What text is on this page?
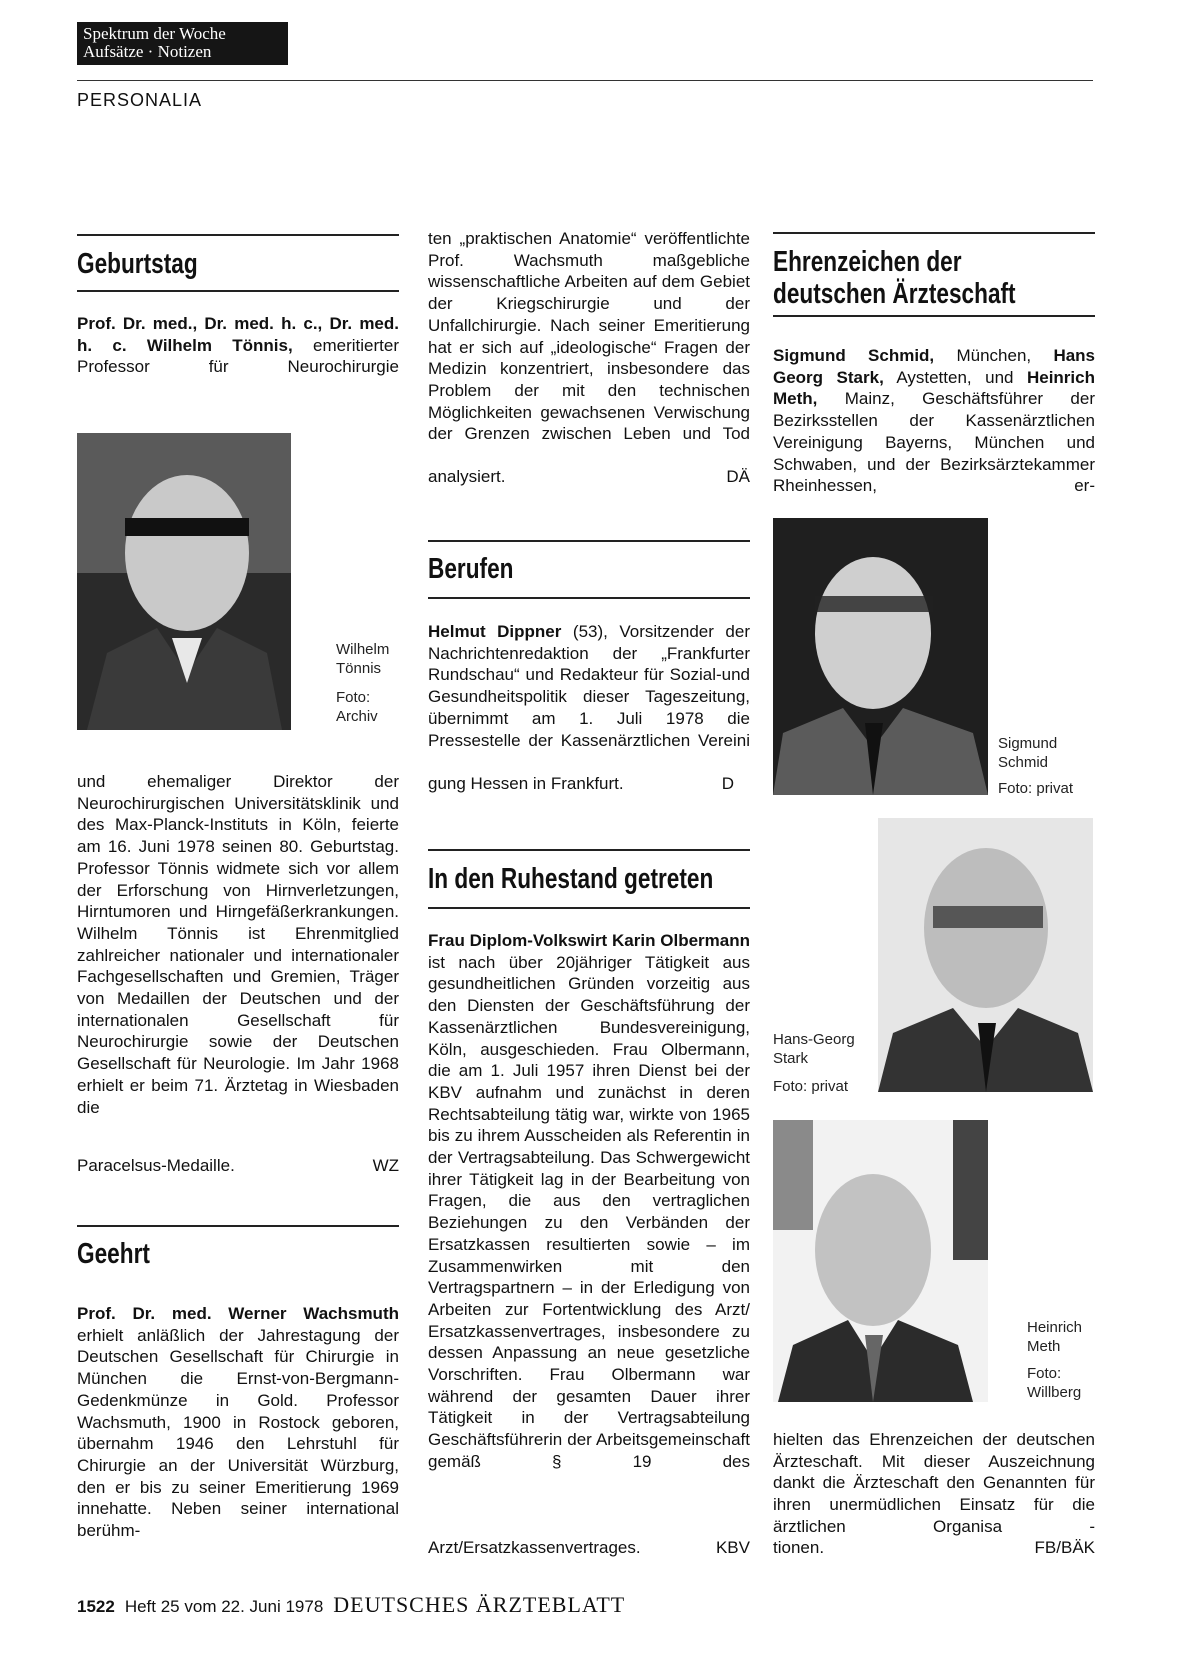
Spektrum der Woche
Aufsätze · Notizen
PERSONALIA
Geburtstag
Prof. Dr. med., Dr. med. h. c., Dr. med. h. c. Wilhelm Tönnis, emeritierter Professor für Neurochirurgie
Wilhelm
Tönnis
Foto:
Archiv
und ehemaliger Direktor der Neurochirurgischen Universitätsklinik und des Max-Planck-Instituts in Köln, feierte am 16. Juni 1978 seinen 80. Geburtstag. Professor Tönnis widmete sich vor allem der Erforschung von Hirnverletzungen, Hirntumoren und Hirngefäßerkrankungen. Wilhelm Tönnis ist Ehrenmitglied zahlreicher nationaler und internationaler Fachgesellschaften und Gremien, Träger von Medaillen der Deutschen und der internationalen Gesellschaft für Neurochirurgie sowie der Deutschen Gesellschaft für Neurologie. Im Jahr 1968 erhielt er beim 71. Ärztetag in Wiesbaden die
Paracelsus-Medaille.	WZ
Geehrt
Prof. Dr. med. Werner Wachsmuth erhielt anläßlich der Jahrestagung der Deutschen Gesellschaft für Chirurgie in München die Ernst-von-Bergmann-Gedenkmünze in Gold. Professor Wachsmuth, 1900 in Rostock geboren, übernahm 1946 den Lehrstuhl für Chirurgie an der Universität Würzburg, den er bis zu seiner Emeritierung 1969 innehatte. Neben seiner international berühm-
ten „praktischen Anatomie“ veröffentlichte Prof. Wachsmuth maßgebliche wissenschaftliche Arbeiten auf dem Gebiet der Kriegschirurgie und der Unfallchirurgie. Nach seiner Emeritierung hat er sich auf „ideologische“ Fragen der Medizin konzentriert, insbesondere das Problem der mit den technischen Möglichkeiten gewachsenen Verwischung der Grenzen zwischen Leben und Tod
analysiert.	DÄ
Berufen
Helmut Dippner (53), Vorsitzender der Nachrichtenredaktion der „Frankfurter Rundschau“ und Redakteur für Sozial-und Gesundheitspolitik dieser Tageszeitung, übernimmt am 1. Juli 1978 die Pressestelle der Kassenärztlichen Vereini
gung Hessen in Frankfurt.	D
In den Ruhestand getreten
Frau Diplom-Volkswirt Karin Olbermann ist nach über 20jähriger Tätigkeit aus gesundheitlichen Gründen vorzeitig aus den Diensten der Geschäftsführung der Kassenärztlichen Bundesvereinigung, Köln, ausgeschieden. Frau Olbermann, die am 1. Juli 1957 ihren Dienst bei der KBV aufnahm und zunächst in deren Rechtsabteilung tätig war, wirkte von 1965 bis zu ihrem Ausscheiden als Referentin in der Vertragsabteilung. Das Schwergewicht ihrer Tätigkeit lag in der Bearbeitung von Fragen, die aus den vertraglichen Beziehungen zu den Verbänden der Ersatzkassen resultierten sowie – im Zusammenwirken mit den Vertragspartnern – in der Erledigung von Arbeiten zur Fortentwicklung des Arzt/ Ersatzkassenvertrages, insbesondere zu dessen Anpassung an neue gesetzliche Vorschriften. Frau Olbermann war während der gesamten Dauer ihrer Tätigkeit in der Vertragsabteilung Geschäftsführerin der Arbeitsgemeinschaft gemäß § 19 des
Arzt/Ersatzkassenvertrages.	KBV
Ehrenzeichen der
deutschen Ärzteschaft
Sigmund Schmid, München, Hans Georg Stark, Aystetten, und Heinrich Meth, Mainz, Geschäftsführer der Bezirksstellen der Kassenärztlichen Vereinigung Bayerns, München und Schwaben, und der Bezirksärztekammer Rheinhessen, er-
Sigmund
Schmid
Foto: privat
Hans-Georg
Stark
Foto: privat
Heinrich
Meth
Foto:
Willberg
hielten das Ehrenzeichen der deutschen Ärzteschaft. Mit dieser Auszeichnung dankt die Ärzteschaft den Genannten für ihren unermüdlichen Einsatz für die ärztlichen Organisa -
tionen.	FB/BÄK
1522 Heft 25 vom 22. Juni 1978 DEUTSCHES ÄRZTEBLATT
